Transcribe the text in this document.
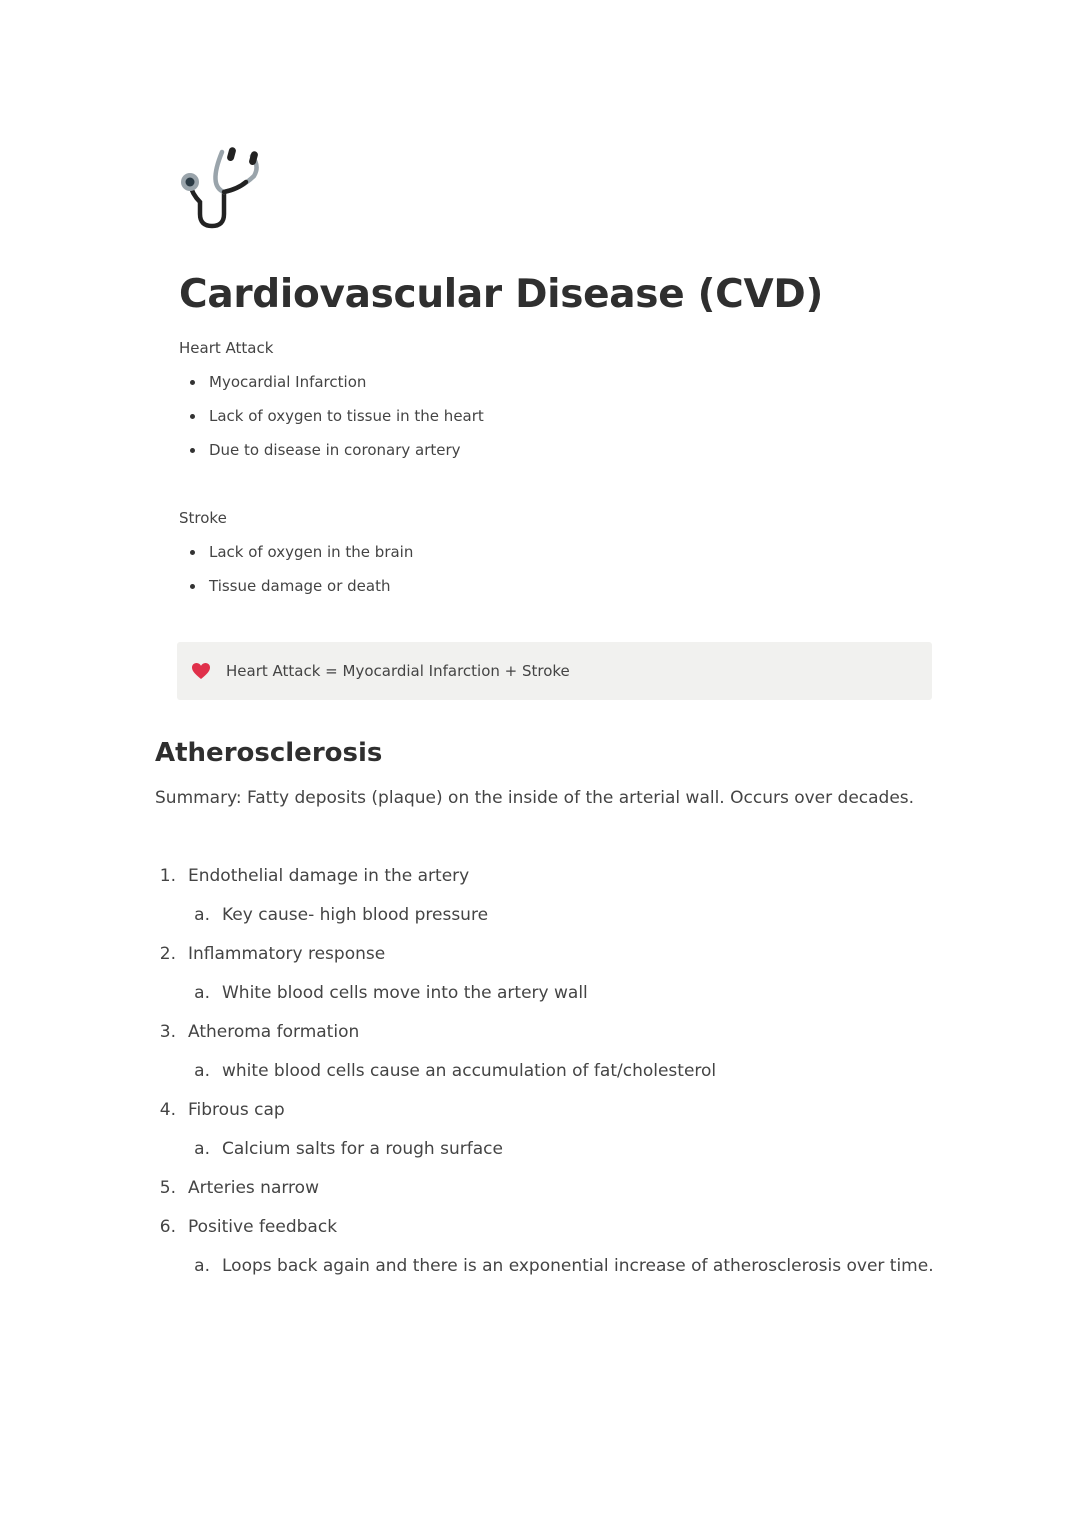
Cardiovascular Disease (CVD)
Heart Attack
Myocardial Infarction
Lack of oxygen to tissue in the heart
Due to disease in coronary artery
Stroke
Lack of oxygen in the brain
Tissue damage or death
Heart Attack = Myocardial Infarction + Stroke
Atherosclerosis
Summary: Fatty deposits (plaque) on the inside of the arterial wall. Occurs over decades.
1. Endothelial damage in the artery
a. Key cause- high blood pressure
2. Inflammatory response
a. White blood cells move into the artery wall
3. Atheroma formation
a. white blood cells cause an accumulation of fat/cholesterol
4. Fibrous cap
a. Calcium salts for a rough surface
5. Arteries narrow
6. Positive feedback
a. Loops back again and there is an exponential increase of atherosclerosis over time.
